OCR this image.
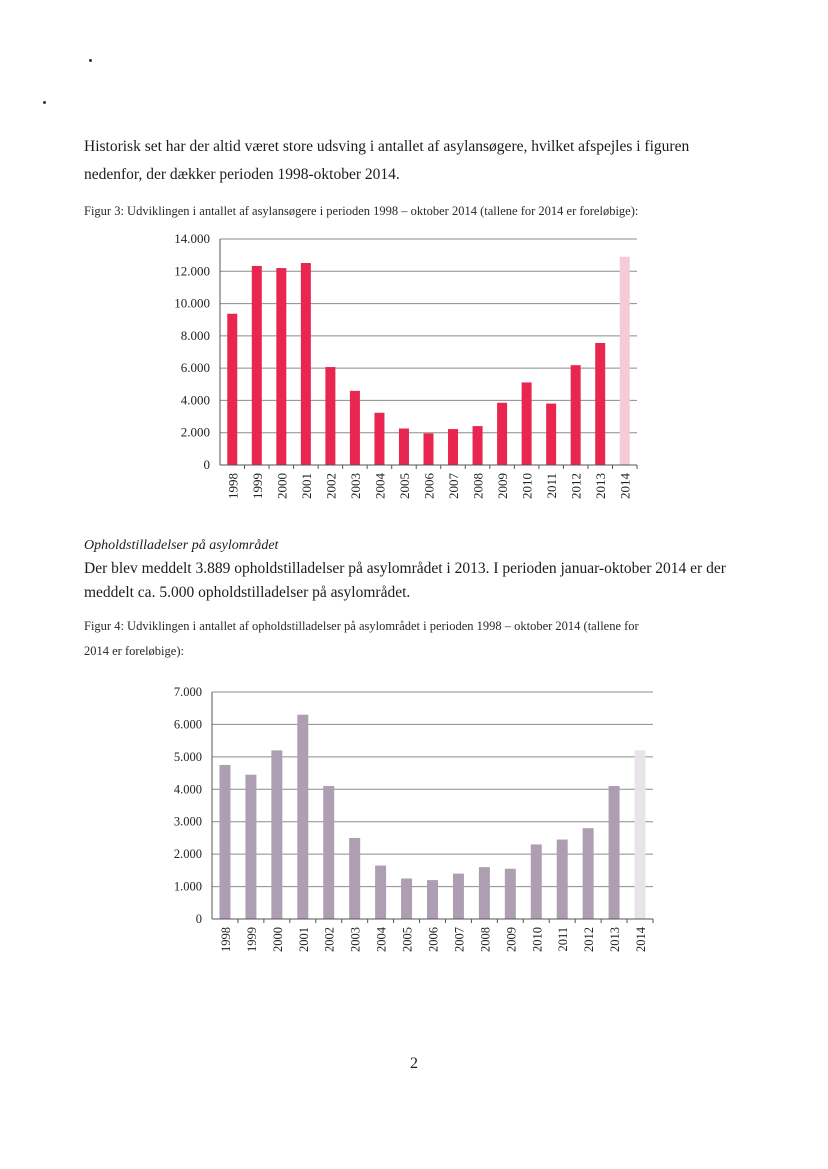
Historisk set har der altid været store udsving i antallet af asylansøgere, hvilket afspejles i figuren

nedenfor, der dækker perioden 1998-oktober 2014.

Figur 3: Udviklingen i antallet af asylansøgere i perioden 1998 – oktober 2014 (tallene for 2014 er foreløbige):

0
2.000
4.000
6.000
8.000
10.000
12.000
14.000
1998 1999 2000 2001 2002 2003 2004 2005 2006 2007 2008 2009 2010 2011 2012 2013 2014

Opholdstilladelser på asylområdet

Der blev meddelt 3.889 opholdstilladelser på asylområdet i 2013. I perioden januar-oktober 2014 er der

meddelt ca. 5.000 opholdstilladelser på asylområdet.

Figur 4: Udviklingen i antallet af opholdstilladelser på asylområdet i perioden 1998 – oktober 2014 (tallene for

2014 er foreløbige):

0
1.000
2.000
3.000
4.000
5.000
6.000
7.000
1998 1999 2000 2001 2002 2003 2004 2005 2006 2007 2008 2009 2010 2011 2012 2013 2014
2
